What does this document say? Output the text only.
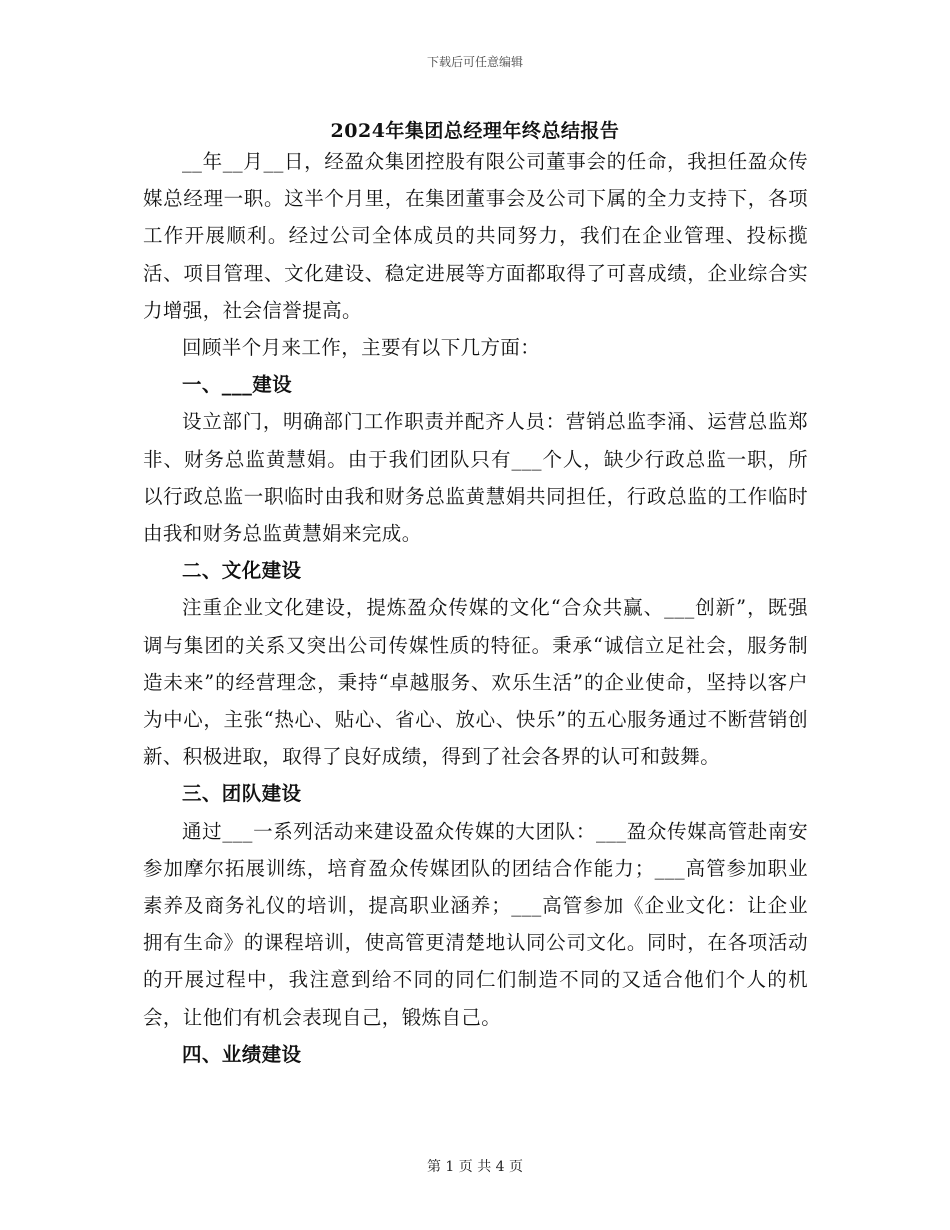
下载后可任意编辑
2024年集团总经理年终总结报告

__年__月__日，经盈众集团控股有限公司董事会的任命，我担任盈众传媒总经理一职。这半个月里，在集团董事会及公司下属的全力支持下，各项工作开展顺利。经过公司全体成员的共同努力，我们在企业管理、投标揽活、项目管理、文化建设、稳定进展等方面都取得了可喜成绩，企业综合实力增强，社会信誉提高。

回顾半个月来工作，主要有以下几方面：

一、___建设

设立部门，明确部门工作职责并配齐人员：营销总监李涌、运营总监郑非、财务总监黄慧娟。由于我们团队只有___个人，缺少行政总监一职，所以行政总监一职临时由我和财务总监黄慧娟共同担任，行政总监的工作临时由我和财务总监黄慧娟来完成。

二、文化建设

注重企业文化建设，提炼盈众传媒的文化“合众共赢、___创新”，既强调与集团的关系又突出公司传媒性质的特征。秉承“诚信立足社会，服务制造未来”的经营理念，秉持“卓越服务、欢乐生活”的企业使命，坚持以客户为中心，主张“热心、贴心、省心、放心、快乐”的五心服务通过不断营销创新、积极进取，取得了良好成绩，得到了社会各界的认可和鼓舞。

三、团队建设

通过___一系列活动来建设盈众传媒的大团队：___盈众传媒高管赴南安参加摩尔拓展训练，培育盈众传媒团队的团结合作能力；___高管参加职业素养及商务礼仪的培训，提高职业涵养；___高管参加《企业文化：让企业拥有生命》的课程培训，使高管更清楚地认同公司文化。同时，在各项活动的开展过程中，我注意到给不同的同仁们制造不同的又适合他们个人的机会，让他们有机会表现自己，锻炼自己。

四、业绩建设
第 1 页 共 4 页
